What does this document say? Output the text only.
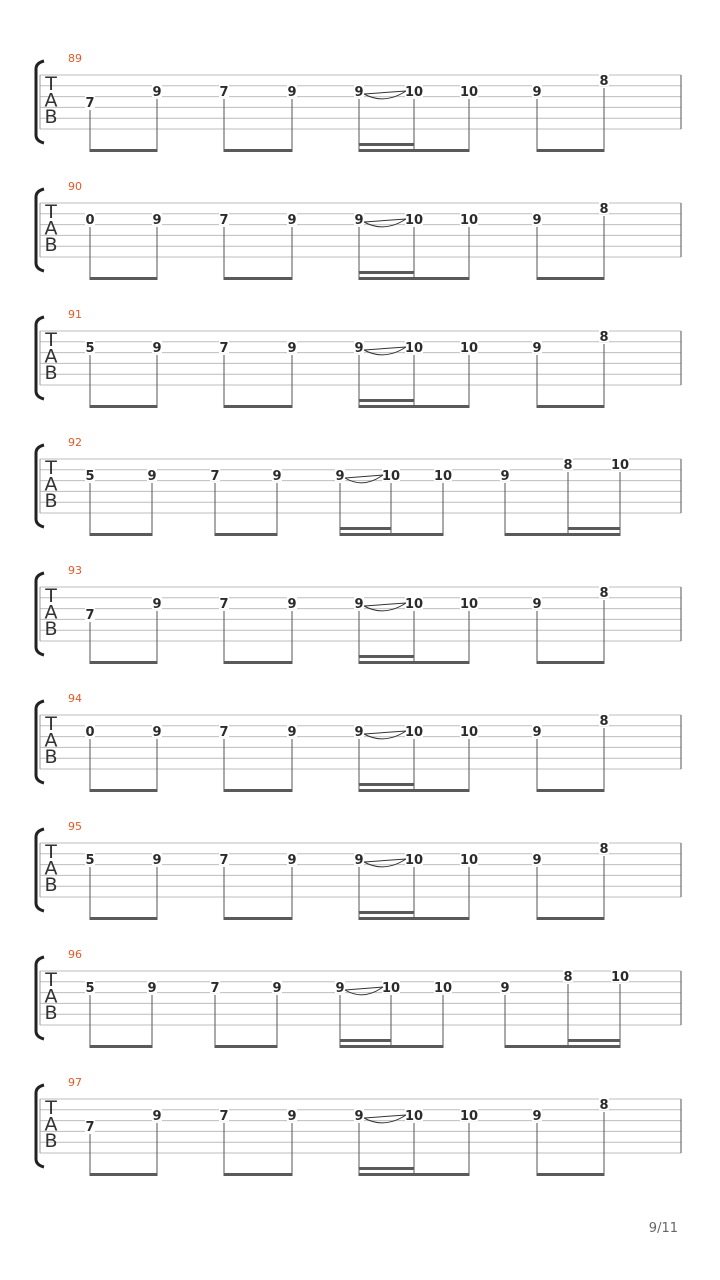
89
T
A
B
7
9	7	9	9	10	10	9
8
90
T
A
B
0	9	7	9	9	10	10	9
8
91
T
A
B
5	9	7	9	9	10	10	9
8
92
T
A
B
5	9	7	9	9	10	10	9
8	10
93
T
A
B
7
9	7	9	9	10	10	9
8
94
T
A
B
0	9	7	9	9	10	10	9
8
95
T
A
B
5	9	7	9	9	10	10	9
8
96
T
A
B
5	9	7	9	9	10	10	9
8	10
97
T
A
B
7
9	7	9	9	10	10	9
8
9/11
